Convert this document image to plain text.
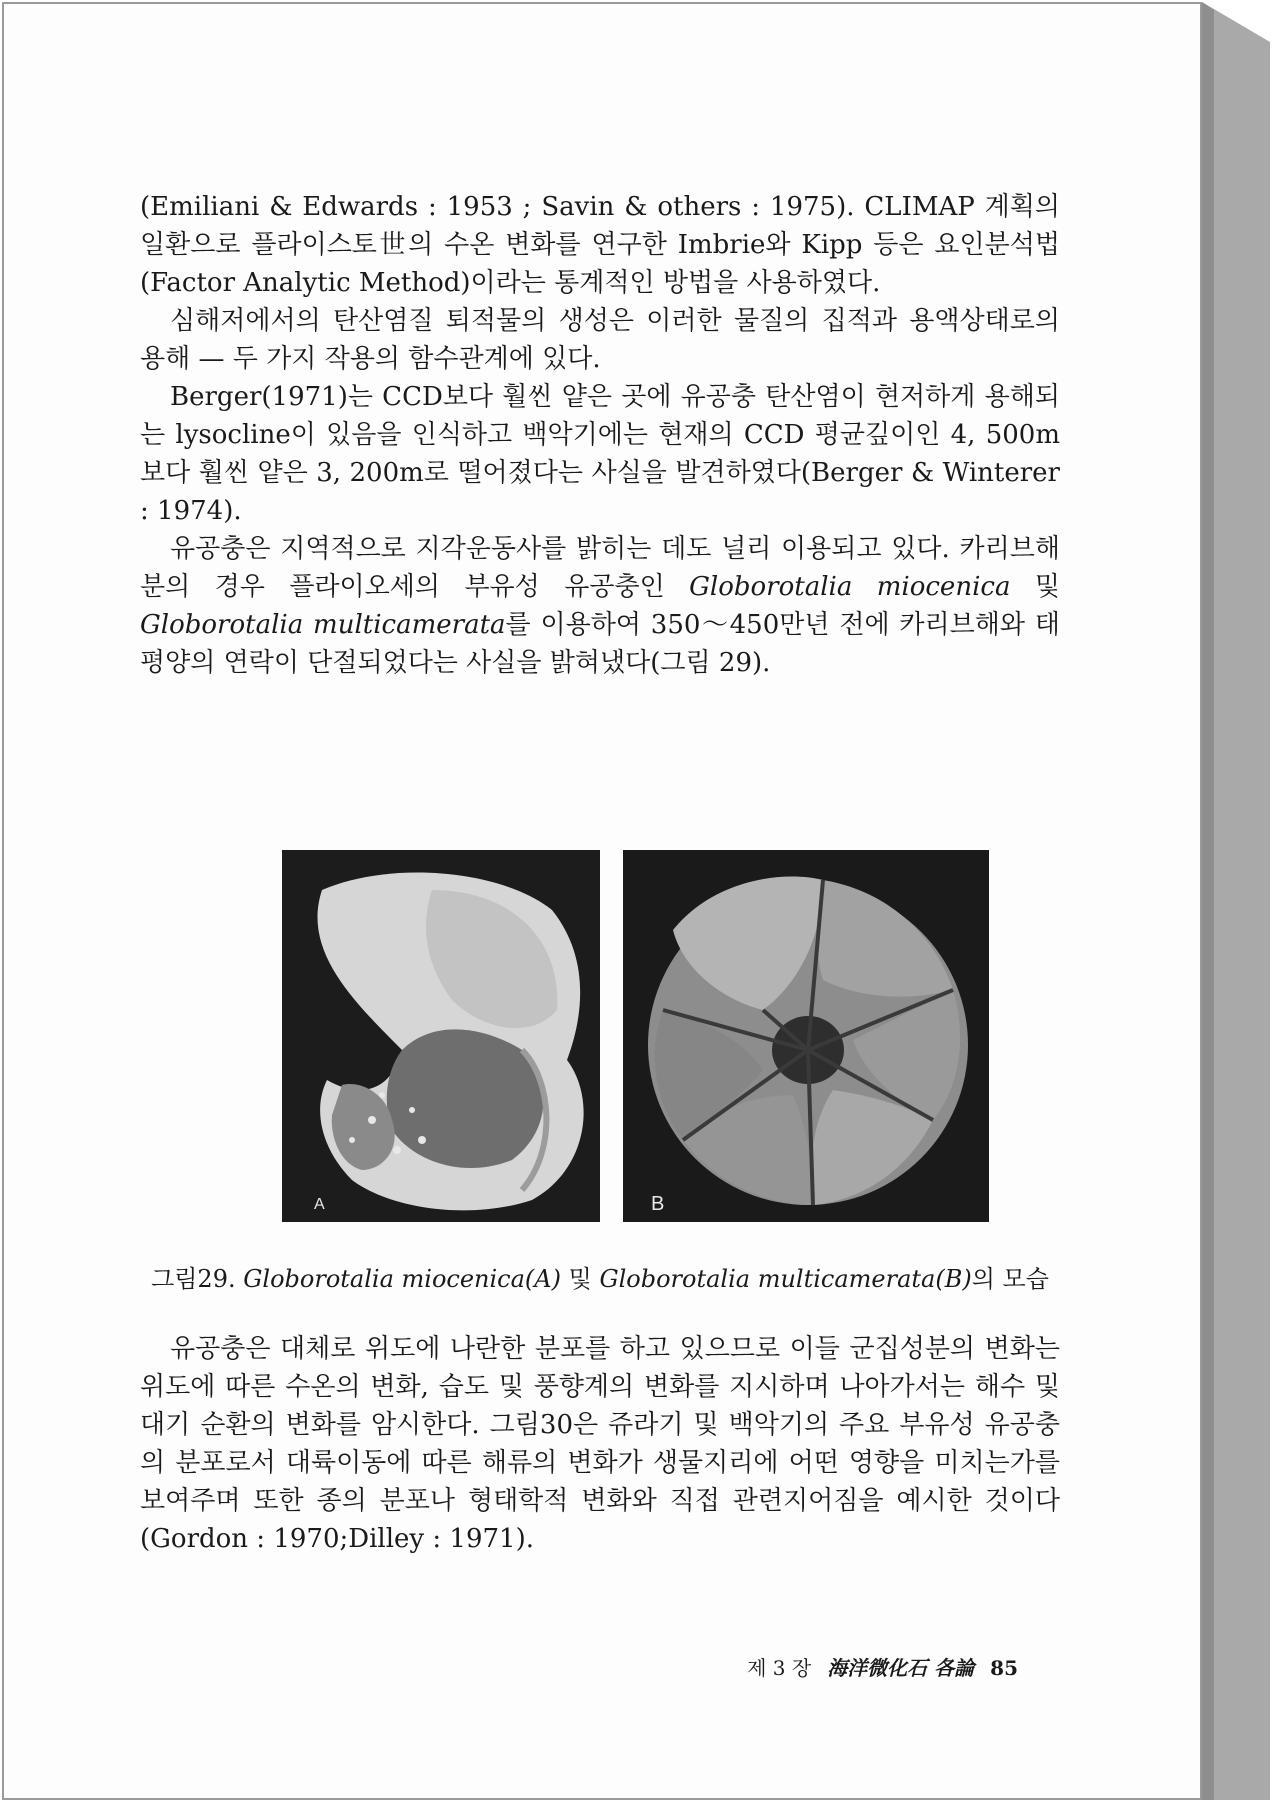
(Emiliani & Edwards : 1953 ; Savin & others : 1975). CLIMAP 계획의 일환으로 플라이스토世의 수온 변화를 연구한 Imbrie와 Kipp 등은 요인분석법(Factor Analytic Method)이라는 통계적인 방법을 사용하였다.

심해저에서의 탄산염질 퇴적물의 생성은 이러한 물질의 집적과 용액상태로의 용해 — 두 가지 작용의 함수관계에 있다.

Berger(1971)는 CCD보다 훨씬 얕은 곳에 유공충 탄산염이 현저하게 용해되는 lysocline이 있음을 인식하고 백악기에는 현재의 CCD 평균깊이인 4, 500m보다 훨씬 얕은 3, 200m로 떨어졌다는 사실을 발견하였다(Berger & Winterer : 1974).

유공충은 지역적으로 지각운동사를 밝히는 데도 널리 이용되고 있다. 카리브해분의 경우 플라이오세의 부유성 유공충인 Globorotalia miocenica 및 Globorotalia multicamerata를 이용하여 350～450만년 전에 카리브해와 태평양의 연락이 단절되었다는 사실을 밝혀냈다(그림 29).

A	B
그림29. Globorotalia miocenica(A) 및 Globorotalia multicamerata(B)의 모습

유공충은 대체로 위도에 나란한 분포를 하고 있으므로 이들 군집성분의 변화는 위도에 따른 수온의 변화, 습도 및 풍향계의 변화를 지시하며 나아가서는 해수 및 대기 순환의 변화를 암시한다. 그림30은 쥬라기 및 백악기의 주요 부유성 유공충의 분포로서 대륙이동에 따른 해류의 변화가 생물지리에 어떤 영향을 미치는가를 보여주며 또한 종의 분포나 형태학적 변화와 직접 관련지어짐을 예시한 것이다(Gordon : 1970;Dilley : 1971).

제 3 장 海洋微化石 各論 85
